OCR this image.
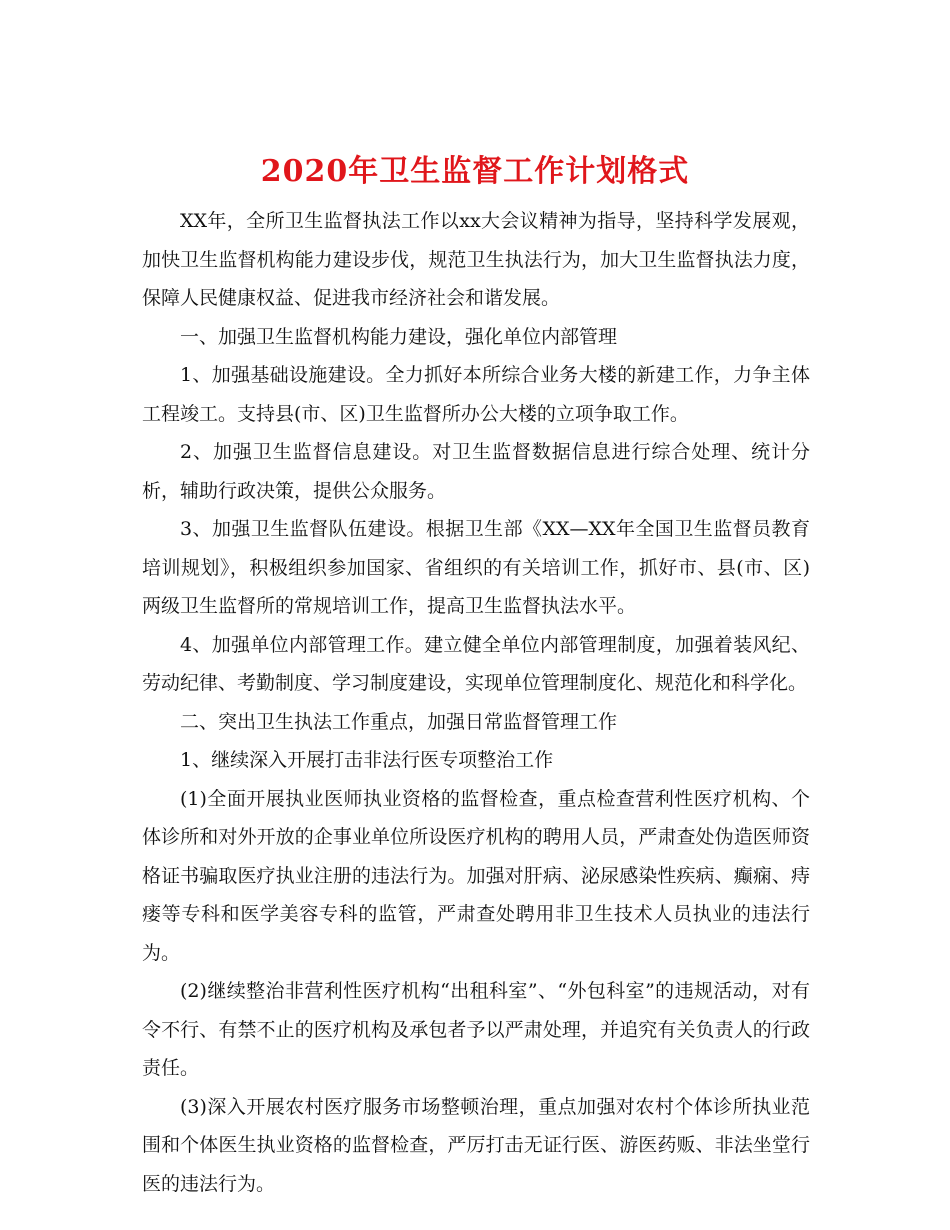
2020年卫生监督工作计划格式

XX年，全所卫生监督执法工作以xx大会议精神为指导，坚持科学发展观，加快卫生监督机构能力建设步伐，规范卫生执法行为，加大卫生监督执法力度，保障人民健康权益、促进我市经济社会和谐发展。

一、加强卫生监督机构能力建设，强化单位内部管理

1、加强基础设施建设。全力抓好本所综合业务大楼的新建工作，力争主体工程竣工。支持县(市、区)卫生监督所办公大楼的立项争取工作。

2、加强卫生监督信息建设。对卫生监督数据信息进行综合处理、统计分析，辅助行政决策，提供公众服务。

3、加强卫生监督队伍建设。根据卫生部《XX—XX年全国卫生监督员教育培训规划》，积极组织参加国家、省组织的有关培训工作，抓好市、县(市、区)两级卫生监督所的常规培训工作，提高卫生监督执法水平。

4、加强单位内部管理工作。建立健全单位内部管理制度，加强着装风纪、劳动纪律、考勤制度、学习制度建设，实现单位管理制度化、规范化和科学化。

二、突出卫生执法工作重点，加强日常监督管理工作

1、继续深入开展打击非法行医专项整治工作

(1)全面开展执业医师执业资格的监督检查，重点检查营利性医疗机构、个体诊所和对外开放的企事业单位所设医疗机构的聘用人员，严肃查处伪造医师资格证书骗取医疗执业注册的违法行为。加强对肝病、泌尿感染性疾病、癫痫、痔瘘等专科和医学美容专科的监管，严肃查处聘用非卫生技术人员执业的违法行为。

(2)继续整治非营利性医疗机构“出租科室”、“外包科室”的违规活动，对有令不行、有禁不止的医疗机构及承包者予以严肃处理，并追究有关负责人的行政责任。

(3)深入开展农村医疗服务市场整顿治理，重点加强对农村个体诊所执业范围和个体医生执业资格的监督检查，严厉打击无证行医、游医药贩、非法坐堂行医的违法行为。
